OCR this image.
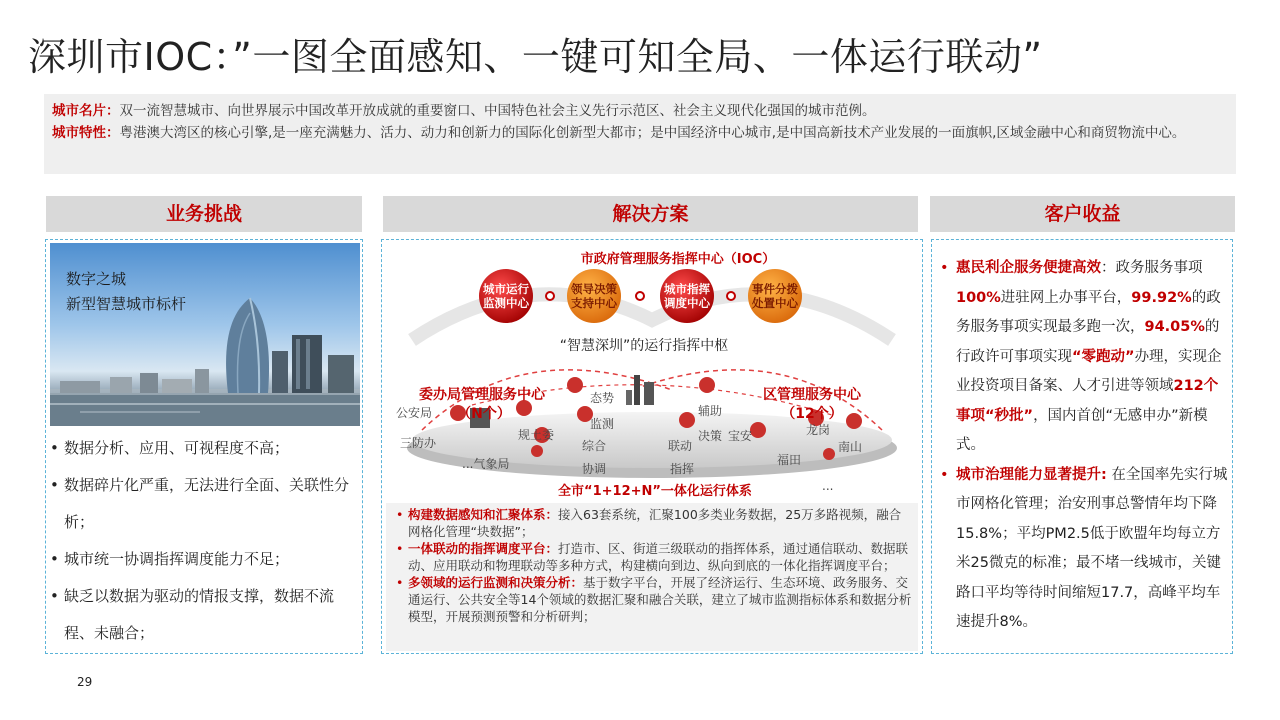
深圳市IOC：”一图全面感知、一键可知全局、一体运行联动”
城市名片：双一流智慧城市、向世界展示中国改革开放成就的重要窗口、中国特色社会主义先行示范区、社会主义现代化强国的城市范例。
城市特性：粤港澳大湾区的核心引擎,是一座充满魅力、活力、动力和创新力的国际化创新型大都市；是中国经济中心城市,是中国高新技术产业发展的一面旗帜,区域金融中心和商贸物流中心。
业务挑战	解决方案	客户收益
数字之城
新型智慧城市标杆
• 数据分析、应用、可视程度不高；
• 数据碎片化严重，无法进行全面、关联性分析；
• 城市统一协调指挥调度能力不足；
• 缺乏以数据为驱动的情报支撑，数据不流程、未融合；
市政府管理服务指挥中心（IOC）
城市运行
监测中心
领导决策
支持中心
城市指挥
调度中心
事件分拨
处置中心
“智慧深圳”的运行指挥中枢
委办局管理服务中心
（N个）
区管理服务中心
（12个）
公安局
三防办
...气象局
规土委
态势
监测
综合
协调
辅助
决策
联动
指挥
宝安	龙岗
南山
福田
...
全市“1+12+N”一体化运行体系

• 构建数据感知和汇聚体系：接入63套系统，汇聚100多类业务数据，25万多路视频，融合网格化管理“块数据”；

• 一体联动的指挥调度平台：打造市、区、街道三级联动的指挥体系，通过通信联动、数据联动、应用联动和物理联动等多种方式，构建横向到边、纵向到底的一体化指挥调度平台；

• 多领域的运行监测和决策分析：基于数字平台，开展了经济运行、生态环境、政务服务、交通运行、公共安全等14个领域的数据汇聚和融合关联，建立了城市监测指标体系和数据分析模型，开展预测预警和分析研判；

• 惠民利企服务便捷高效：政务服务事项100%进驻网上办事平台，99.92%的政务服务事项实现最多跑一次，94.05%的行政许可事项实现“零跑动”办理，实现企业投资项目备案、人才引进等领域212个事项“秒批”，国内首创“无感申办”新模式。

• 城市治理能力显著提升: 在全国率先实行城市网格化管理；治安刑事总警情年均下降15.8%；平均PM2.5低于欧盟年均每立方米25微克的标准；最不堵一线城市，关键路口平均等待时间缩短17.7，高峰平均车速提升8%。

29
